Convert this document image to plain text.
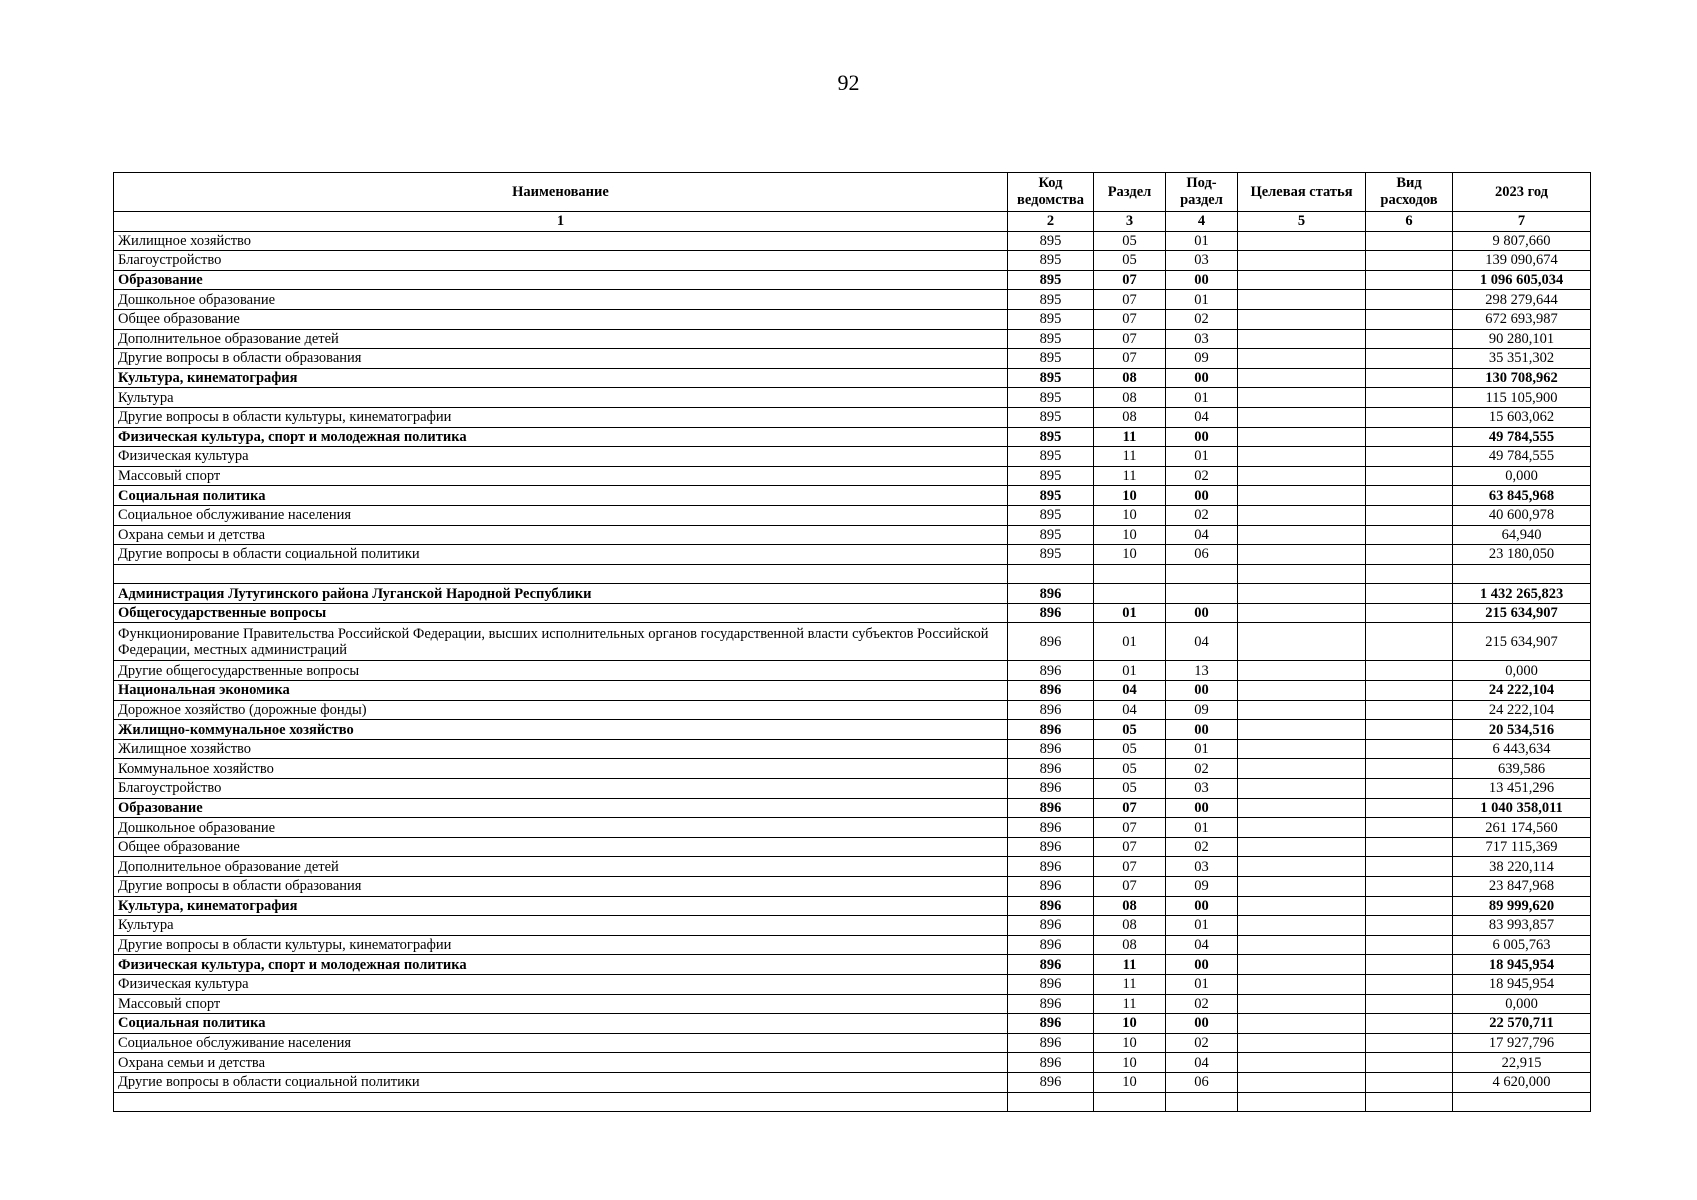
92
Наименование	Код ведомства	Раздел	Под-раздел	Целевая статья	Вид расходов	2023 год
1	2	3	4	5	6	7
Жилищное хозяйство	895	05	01			9 807,660
Благоустройство	895	05	03			139 090,674
Образование	895	07	00			1 096 605,034
Дошкольное образование	895	07	01			298 279,644
Общее образование	895	07	02			672 693,987
Дополнительное образование детей	895	07	03			90 280,101
Другие вопросы в области образования	895	07	09			35 351,302
Культура, кинематография	895	08	00			130 708,962
Культура	895	08	01			115 105,900
Другие вопросы в области культуры, кинематографии	895	08	04			15 603,062
Физическая культура, спорт и молодежная политика	895	11	00			49 784,555
Физическая культура	895	11	01			49 784,555
Массовый спорт	895	11	02			0,000
Социальная политика	895	10	00			63 845,968
Социальное обслуживание населения	895	10	02			40 600,978
Охрана семьи и детства	895	10	04			64,940
Другие вопросы в области социальной политики	895	10	06			23 180,050

Администрация Лутугинского района Луганской Народной Республики	896					1 432 265,823
Общегосударственные вопросы	896	01	00			215 634,907
Функционирование Правительства Российской Федерации, высших исполнительных органов государственной власти субъектов Российской Федерации, местных администраций	896	01	04			215 634,907
Другие общегосударственные вопросы	896	01	13			0,000
Национальная экономика	896	04	00			24 222,104
Дорожное хозяйство (дорожные фонды)	896	04	09			24 222,104
Жилищно-коммунальное хозяйство	896	05	00			20 534,516
Жилищное хозяйство	896	05	01			6 443,634
Коммунальное хозяйство	896	05	02			639,586
Благоустройство	896	05	03			13 451,296
Образование	896	07	00			1 040 358,011
Дошкольное образование	896	07	01			261 174,560
Общее образование	896	07	02			717 115,369
Дополнительное образование детей	896	07	03			38 220,114
Другие вопросы в области образования	896	07	09			23 847,968
Культура, кинематография	896	08	00			89 999,620
Культура	896	08	01			83 993,857
Другие вопросы в области культуры, кинематографии	896	08	04			6 005,763
Физическая культура, спорт и молодежная политика	896	11	00			18 945,954
Физическая культура	896	11	01			18 945,954
Массовый спорт	896	11	02			0,000
Социальная политика	896	10	00			22 570,711
Социальное обслуживание населения	896	10	02			17 927,796
Охрана семьи и детства	896	10	04			22,915
Другие вопросы в области социальной политики	896	10	06			4 620,000
